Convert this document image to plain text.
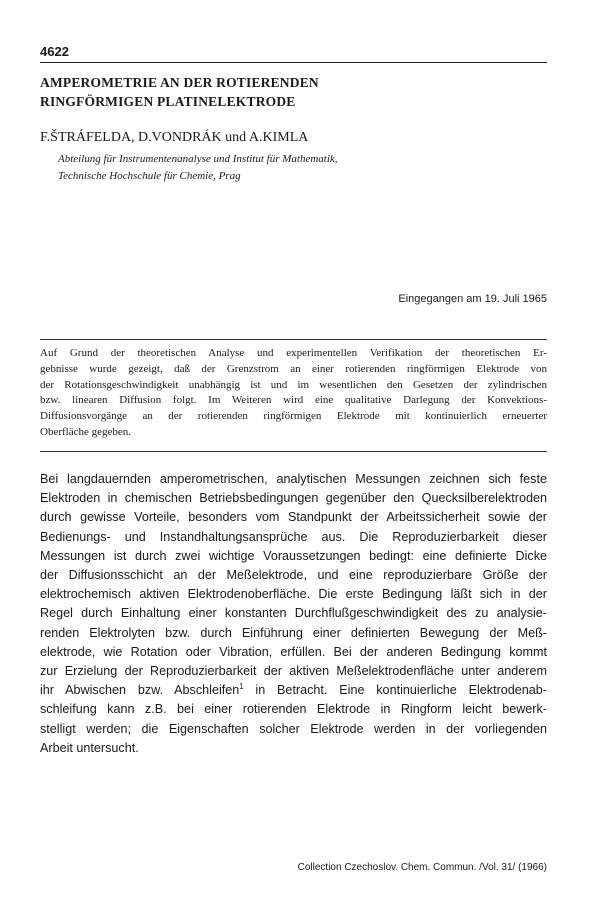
4622
AMPEROMETRIE AN DER ROTIERENDEN
RINGFÖRMIGEN PLATINELEKTRODE
F.ŠTRÁFELDA, D.VONDRÁK und A.KIMLA
Abteilung für Instrumentenanalyse und Institut für Mathematik,
Technische Hochschule für Chemie, Prag
Eingegangen am 19. Juli 1965
Auf Grund der theoretischen Analyse und experimentellen Verifikation der theoretischen Er-
gebnisse wurde gezeigt, daß der Grenzstrom an einer rotierenden ringförmigen Elektrode von
der Rotationsgeschwindigkeit unabhängig ist und im wesentlichen den Gesetzen der zylindrischen
bzw. linearen Diffusion folgt. Im Weiteren wird eine qualitative Darlegung der Konvektions-
Diffusionsvorgänge an der rotierenden ringförmigen Elektrode mit kontinuierlich erneuerter
Oberfläche gegeben.
Bei langdauernden amperometrischen, analytischen Messungen zeichnen sich feste
Elektroden in chemischen Betriebsbedingungen gegenüber den Quecksilberelektroden
durch gewisse Vorteile, besonders vom Standpunkt der Arbeitssicherheit sowie der
Bedienungs- und Instandhaltungsansprüche aus. Die Reproduzierbarkeit dieser
Messungen ist durch zwei wichtige Voraussetzungen bedingt: eine definierte Dicke
der Diffusionsschicht an der Meßelektrode, und eine reproduzierbare Größe der
elektrochemisch aktiven Elektrodenoberfläche. Die erste Bedingung läßt sich in der
Regel durch Einhaltung einer konstanten Durchflußgeschwindigkeit des zu analysie-
renden Elektrolyten bzw. durch Einführung einer definierten Bewegung der Meß-
elektrode, wie Rotation oder Vibration, erfüllen. Bei der anderen Bedingung kommt
zur Erzielung der Reproduzierbarkeit der aktiven Meßelektrodenfläche unter anderem
ihr Abwischen bzw. Abschleifen$^1$ in Betracht. Eine kontinuierliche Elektrodenab-
schleifung kann z.B. bei einer rotierenden Elektrode in Ringform leicht bewerk-
stelligt werden; die Eigenschaften solcher Elektrode werden in der vorliegenden
Arbeit untersucht.
Collection Czechoslov. Chem. Commun. /Vol. 31/ (1966)
